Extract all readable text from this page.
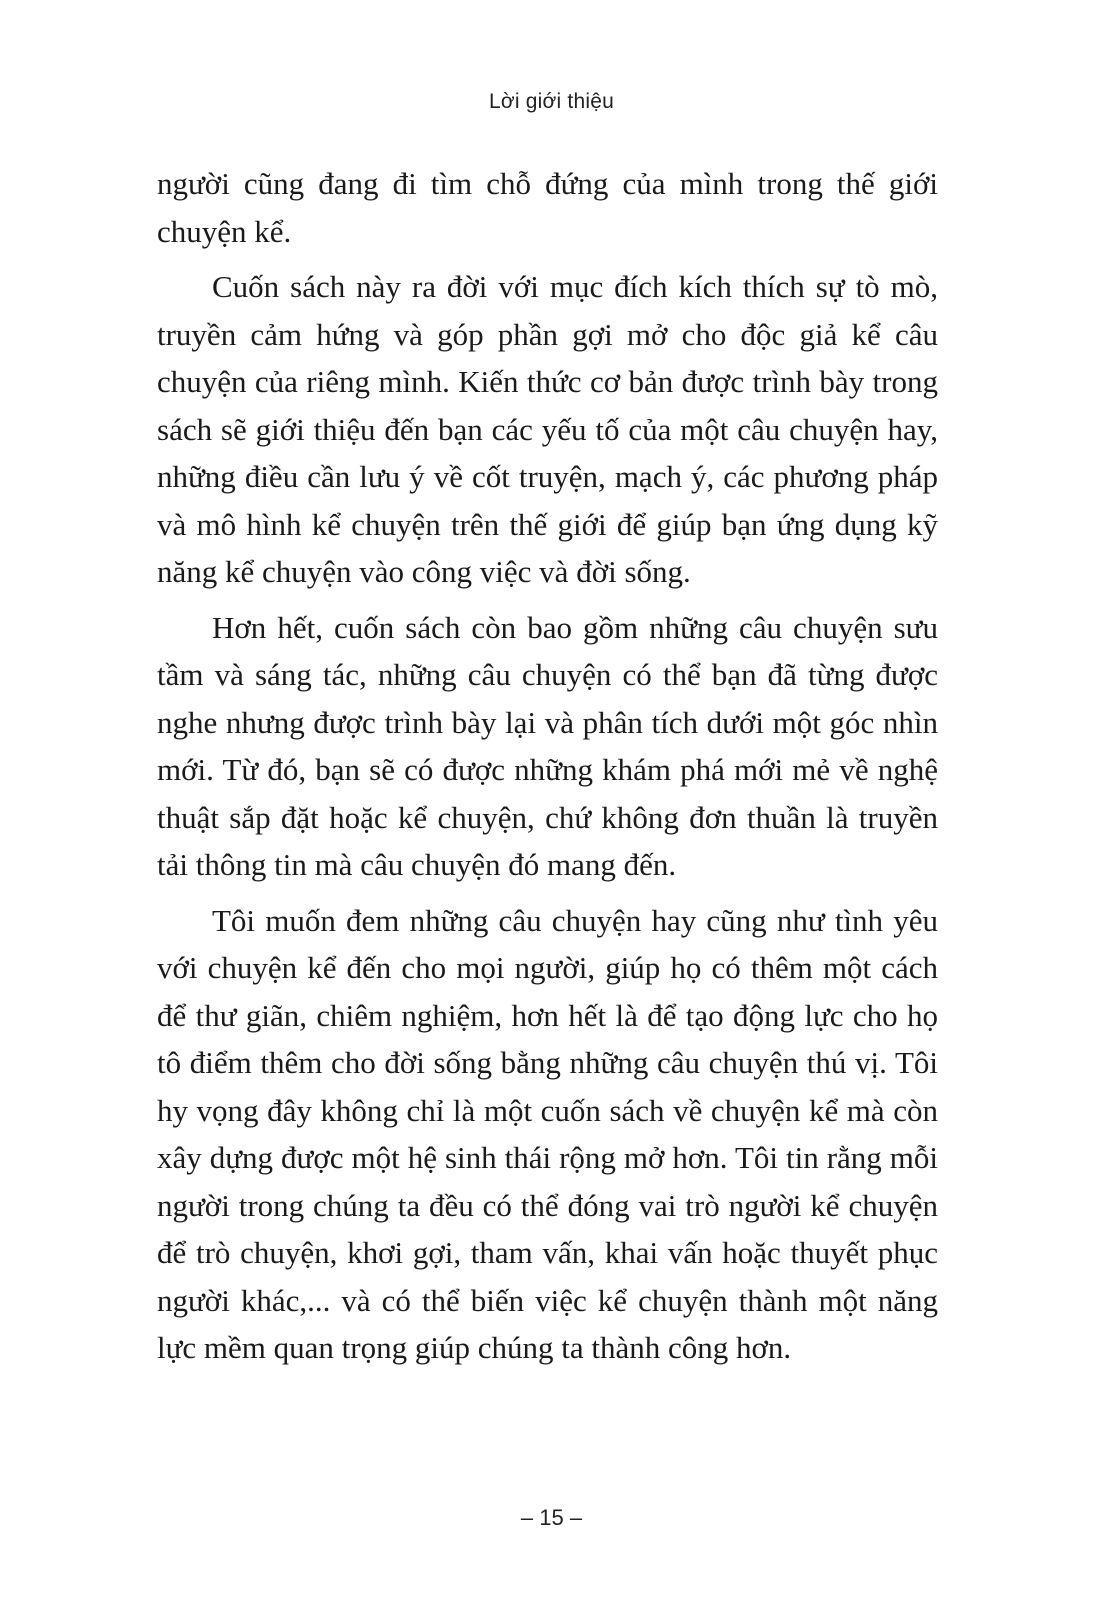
Lời giới thiệu

người cũng đang đi tìm chỗ đứng của mình trong thế giới chuyện kể.

Cuốn sách này ra đời với mục đích kích thích sự tò mò, truyền cảm hứng và góp phần gợi mở cho độc giả kể câu chuyện của riêng mình. Kiến thức cơ bản được trình bày trong sách sẽ giới thiệu đến bạn các yếu tố của một câu chuyện hay, những điều cần lưu ý về cốt truyện, mạch ý, các phương pháp và mô hình kể chuyện trên thế giới để giúp bạn ứng dụng kỹ năng kể chuyện vào công việc và đời sống.

Hơn hết, cuốn sách còn bao gồm những câu chuyện sưu tầm và sáng tác, những câu chuyện có thể bạn đã từng được nghe nhưng được trình bày lại và phân tích dưới một góc nhìn mới. Từ đó, bạn sẽ có được những khám phá mới mẻ về nghệ thuật sắp đặt hoặc kể chuyện, chứ không đơn thuần là truyền tải thông tin mà câu chuyện đó mang đến.

Tôi muốn đem những câu chuyện hay cũng như tình yêu với chuyện kể đến cho mọi người, giúp họ có thêm một cách để thư giãn, chiêm nghiệm, hơn hết là để tạo động lực cho họ tô điểm thêm cho đời sống bằng những câu chuyện thú vị. Tôi hy vọng đây không chỉ là một cuốn sách về chuyện kể mà còn xây dựng được một hệ sinh thái rộng mở hơn. Tôi tin rằng mỗi người trong chúng ta đều có thể đóng vai trò người kể chuyện để trò chuyện, khơi gợi, tham vấn, khai vấn hoặc thuyết phục người khác,... và có thể biến việc kể chuyện thành một năng lực mềm quan trọng giúp chúng ta thành công hơn.

– 15 –
